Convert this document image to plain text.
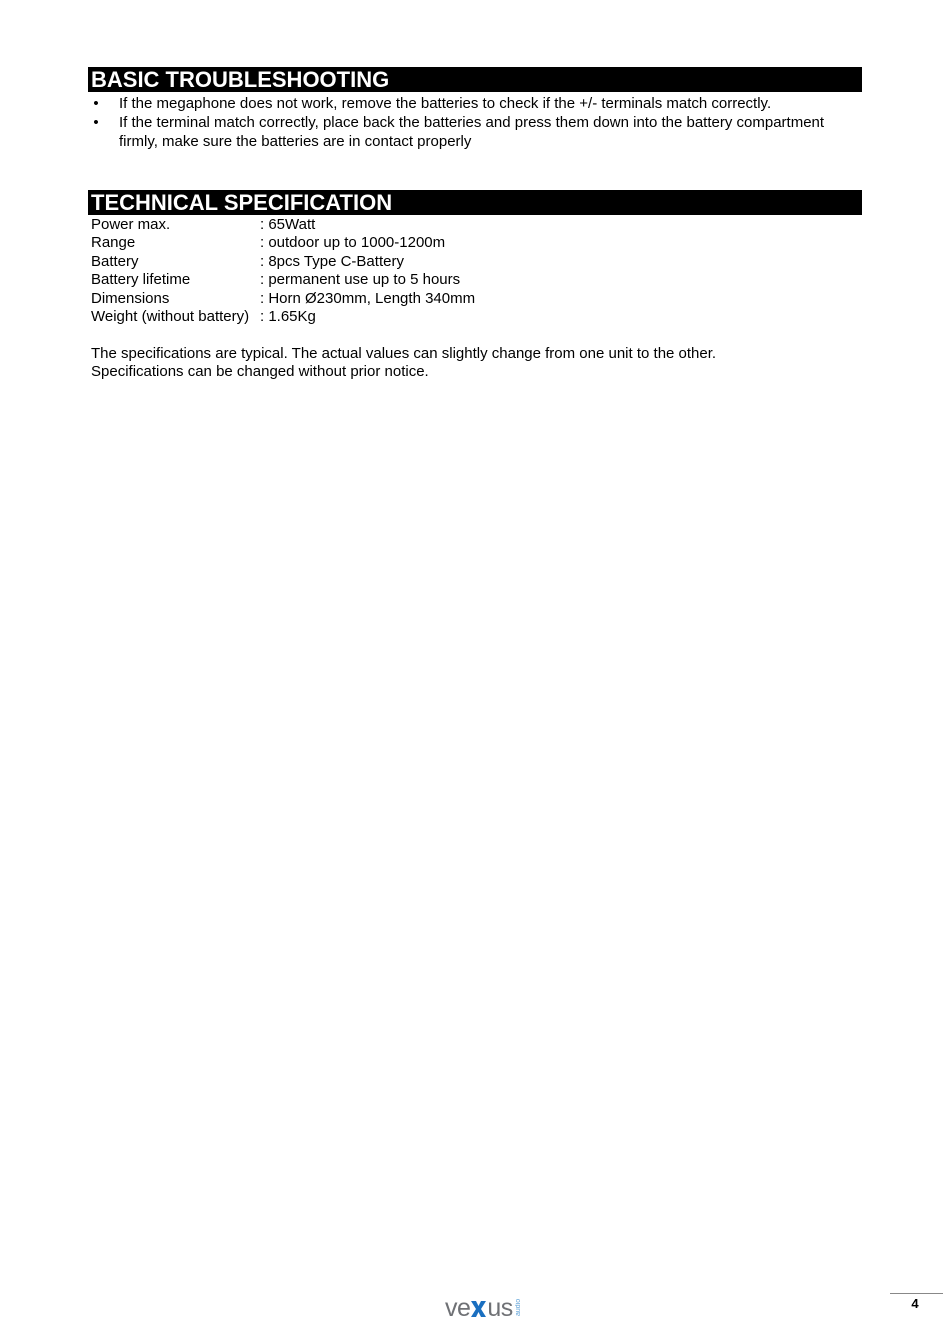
BASIC TROUBLESHOOTING
• If the megaphone does not work, remove the batteries to check if the +/- terminals match correctly.
• If the terminal match correctly, place back the batteries and press them down into the battery compartment firmly, make sure the batteries are in contact properly
TECHNICAL SPECIFICATION
Power max.	: 65Watt
Range	: outdoor up to 1000-1200m
Battery	: 8pcs Type C-Battery
Battery lifetime	: permanent use up to 5 hours
Dimensions	: Horn Ø230mm, Length 340mm
Weight (without battery) : 1.65Kg
The specifications are typical. The actual values can slightly change from one unit to the other.
Specifications can be changed without prior notice.
ve us audio	4
